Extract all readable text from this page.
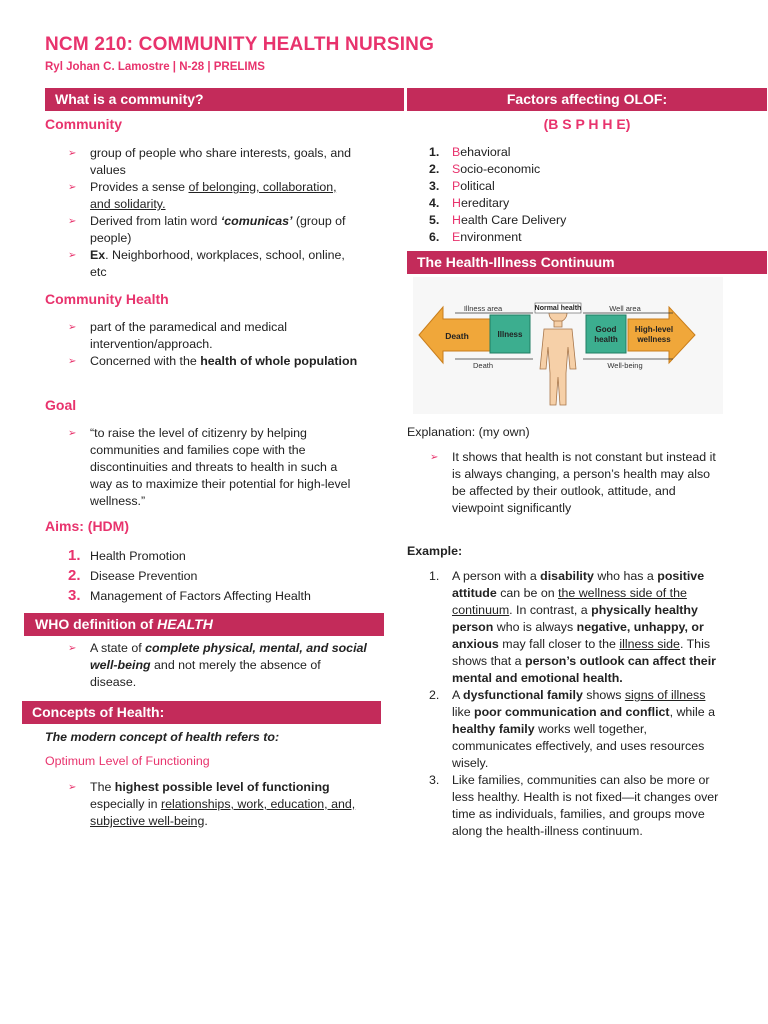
NCM 210: COMMUNITY HEALTH NURSING
Ryl Johan C. Lamostre | N-28 | PRELIMS
What is a community?
Community
➢ group of people who share interests, goals, and values
➢ Provides a sense of belonging, collaboration, and solidarity.
➢ Derived from latin word ‘comunicas’ (group of people)
➢ Ex. Neighborhood, workplaces, school, online, etc
Community Health
➢ part of the paramedical and medical intervention/approach.
➢ Concerned with the health of whole population
Goal
➢ “to raise the level of citizenry by helping communities and families cope with the discontinuities and threats to health in such a way as to maximize their potential for high-level wellness.”
Aims: (HDM)
1. Health Promotion
2. Disease Prevention
3. Management of Factors Affecting Health
WHO definition of HEALTH
➢ A state of complete physical, mental, and social well-being and not merely the absence of disease.
Concepts of Health:
The modern concept of health refers to:
Optimum Level of Functioning
➢ The highest possible level of functioning especially in relationships, work, education, and, subjective well-being.
Factors affecting OLOF:
(B S P H H E)
1. Behavioral
2. Socio-economic
3. Political
4. Hereditary
5. Health Care Delivery
6. Environment
The Health-Illness Continuum
Death	Illness
Good health
High-level wellness
Illness area	Well area
Normal health
Death	Well-being
Explanation: (my own)
➢ It shows that health is not constant but instead it is always changing, a person’s health may also be affected by their outlook, attitude, and viewpoint significantly
Example:
1. A person with a disability who has a positive attitude can be on the wellness side of the continuum. In contrast, a physically healthy person who is always negative, unhappy, or anxious may fall closer to the illness side. This shows that a person’s outlook can affect their mental and emotional health.
2. A dysfunctional family shows signs of illness like poor communication and conflict, while a healthy family works well together, communicates effectively, and uses resources wisely.
3. Like families, communities can also be more or less healthy. Health is not fixed—it changes over time as individuals, families, and groups move along the health-illness continuum.
